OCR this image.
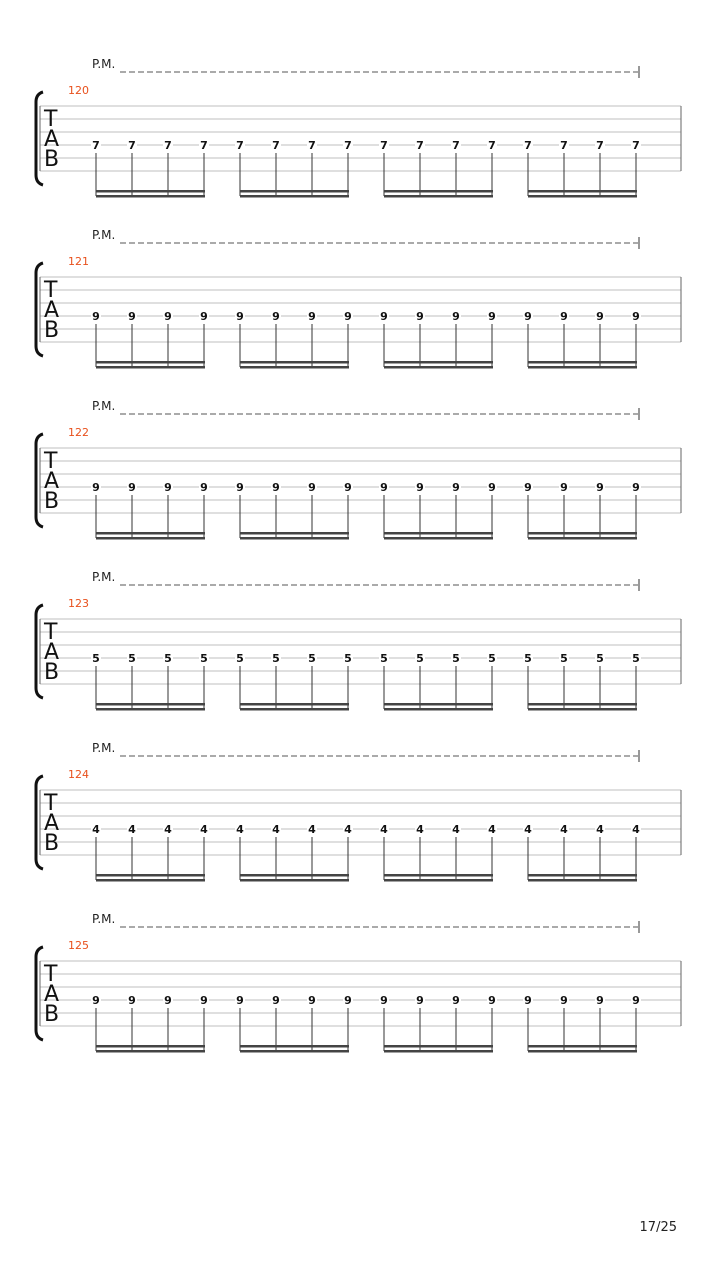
P.M.
120
T
A
B
7	7	7	7	7	7	7	7	7	7	7	7	7	7	7	7
P.M.
121
T
A
B
9	9	9	9	9	9	9	9	9	9	9	9	9	9	9	9
P.M.
122
T
A
B
9	9	9	9	9	9	9	9	9	9	9	9	9	9	9	9
P.M.
123
T
A
B
5	5	5	5	5	5	5	5	5	5	5	5	5	5	5	5
P.M.
124
T
A
B
4	4	4	4	4	4	4	4	4	4	4	4	4	4	4	4
P.M.
125
T
A
B
9	9	9	9	9	9	9	9	9	9	9	9	9	9	9	9
17/25
